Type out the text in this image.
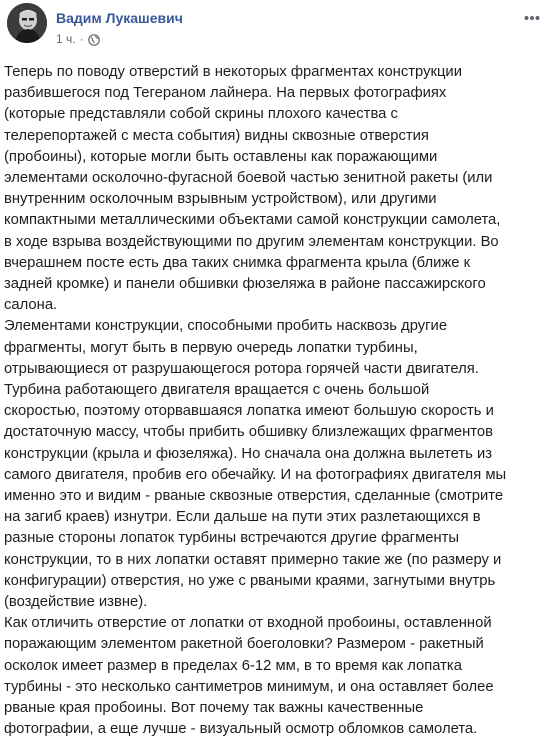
Вадим Лукашевич
1 ч. ·

Теперь по поводу отверстий в некоторых фрагментах конструкции

разбившегося под Тегераном лайнера. На первых фотографиях

(которые представляли собой скрины плохого качества с

телерепортажей с места события) видны сквозные отверстия

(пробоины), которые могли быть оставлены как поражающими

элементами осколочно-фугасной боевой частью зенитной ракеты (или

внутренним осколочным взрывным устройством), или другими

компактными металлическими объектами самой конструкции самолета,

в ходе взрыва воздействующими по другим элементам конструкции. Во

вчерашнем посте есть два таких снимка фрагмента крыла (ближе к

задней кромке) и панели обшивки фюзеляжа в районе пассажирского

салона.

Элементами конструкции, способными пробить насквозь другие

фрагменты, могут быть в первую очередь лопатки турбины,

отрывающиеся от разрушающегося ротора горячей части двигателя.

Турбина работающего двигателя вращается с очень большой

скоростью, поэтому оторвавшаяся лопатка имеют большую скорость и

достаточную массу, чтобы прибить обшивку близлежащих фрагментов

конструкции (крыла и фюзеляжа). Но сначала она должна вылететь из

самого двигателя, пробив его обечайку. И на фотографиях двигателя мы

именно это и видим - рваные сквозные отверстия, сделанные (смотрите

на загиб краев) изнутри. Если дальше на пути этих разлетающихся в

разные стороны лопаток турбины встречаются другие фрагменты

конструкции, то в них лопатки оставят примерно такие же (по размеру и

конфигурации) отверстия, но уже с рваными краями, загнутыми внутрь

(воздействие извне).

Как отличить отверстие от лопатки от входной пробоины, оставленной

поражающим элементом ракетной боеголовки? Размером - ракетный

осколок имеет размер в пределах 6-12 мм, в то время как лопатка

турбины - это несколько сантиметров минимум, и она оставляет более

рваные края пробоины. Вот почему так важны качественные

фотографии, а еще лучше - визуальный осмотр обломков самолета.
